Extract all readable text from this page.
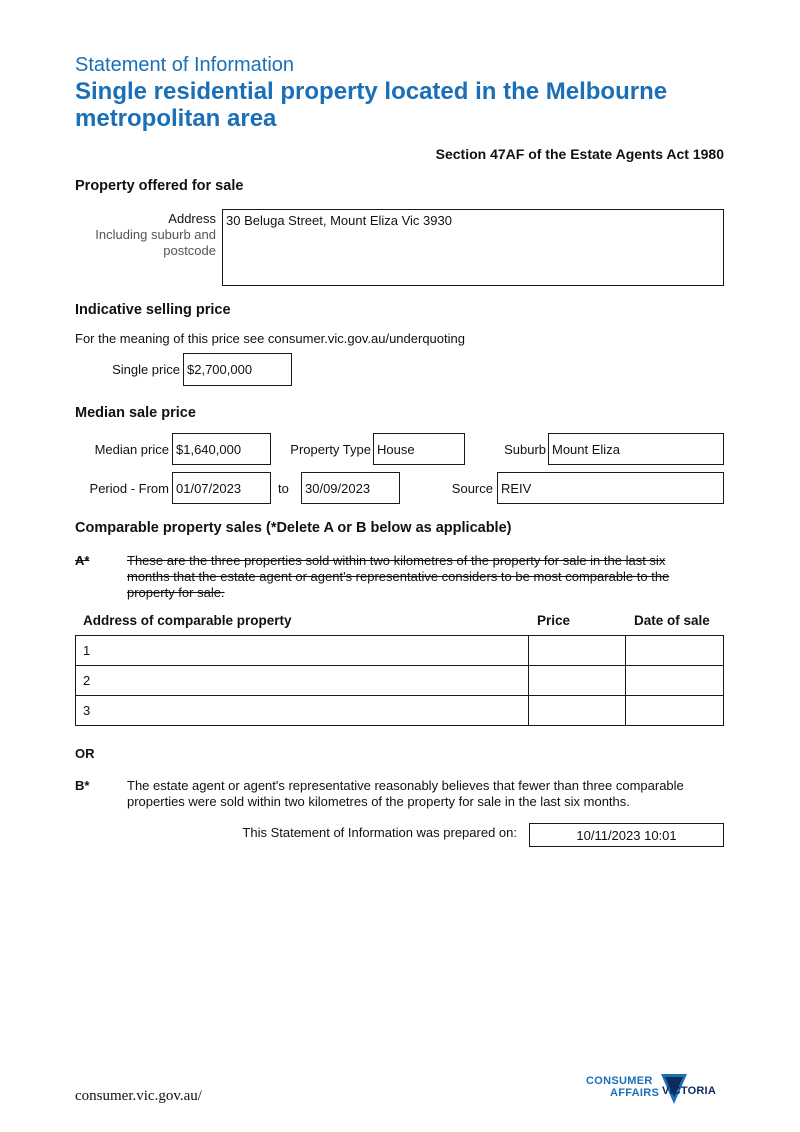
Statement of Information
Single residential property located in the Melbourne
metropolitan area
Section 47AF of the Estate Agents Act 1980
Property offered for sale
Address
Including suburb and
postcode
30 Beluga Street, Mount Eliza Vic 3930
Indicative selling price
For the meaning of this price see consumer.vic.gov.au/underquoting
Single price $2,700,000
Median sale price
Median price $1,640,000	Property Type House	Suburb Mount Eliza
Period - From 01/07/2023	to	30/09/2023	Source REIV
Comparable property sales (*Delete A or B below as applicable)
A*	These are the three properties sold within two kilometres of the property for sale in the last six
months that the estate agent or agent's representative considers to be most comparable to the
property for sale.
Address of comparable property	Price	Date of sale
1		
2		
3		
OR
B*	The estate agent or agent's representative reasonably believes that fewer than three comparable
properties were sold within two kilometres of the property for sale in the last six months.
This Statement of Information was prepared on:	10/11/2023 10:01
consumer.vic.gov.au/
CONSUMER
AFFAIRS VICTORIA
